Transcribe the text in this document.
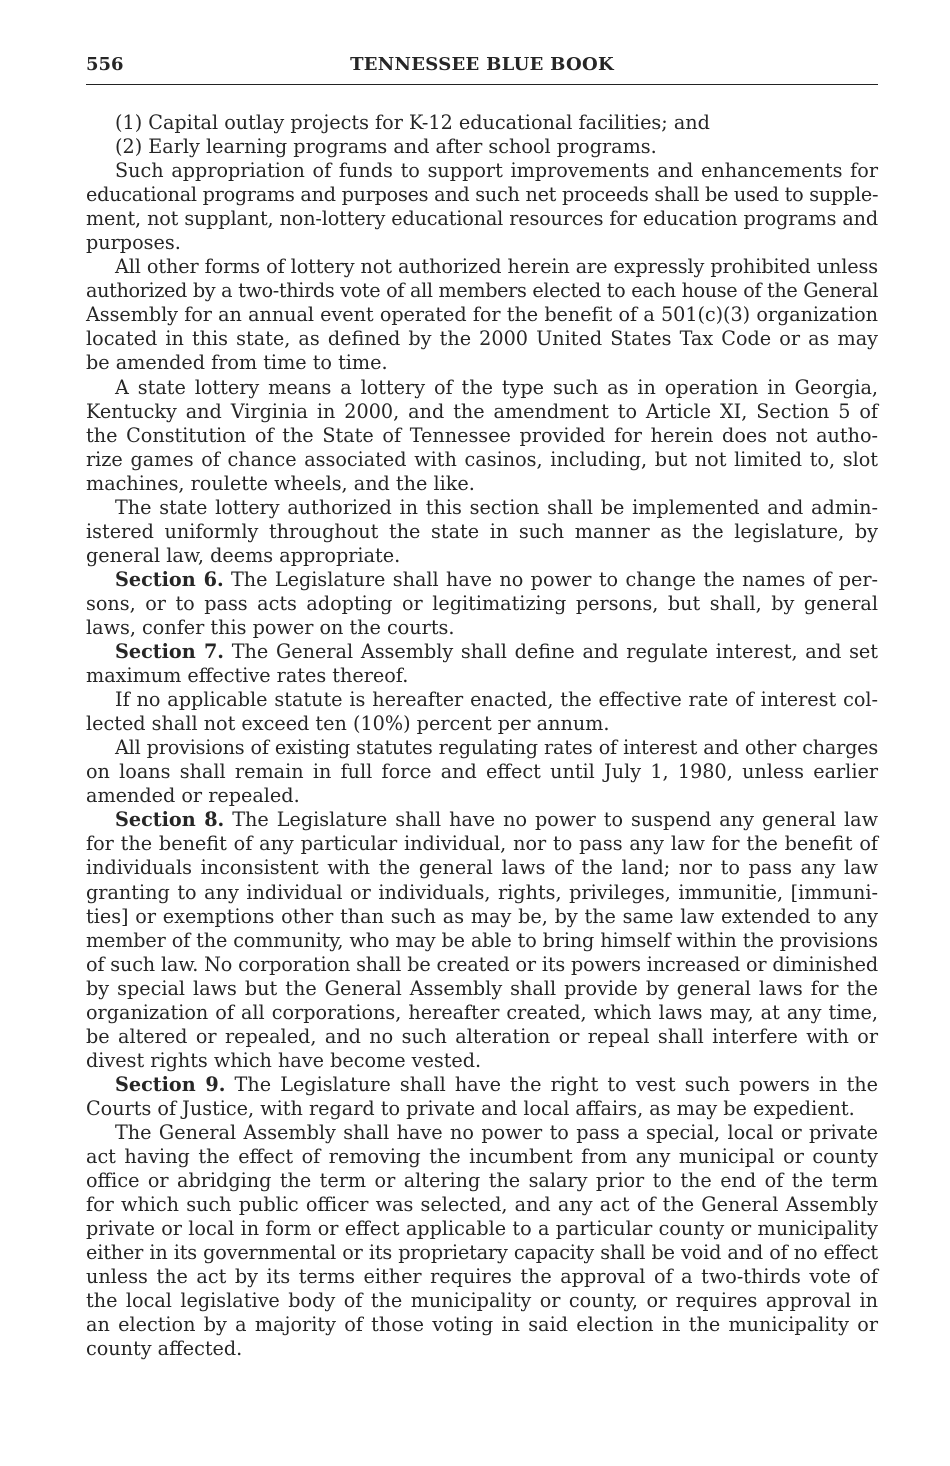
TENNESSEE BLUE BOOK
556
(1) Capital outlay projects for K-12 educational facilities; and
(2) Early learning programs and after school programs.
Such appropriation of funds to support improvements and enhancements for
educational programs and purposes and such net proceeds shall be used to supple-
ment, not supplant, non-lottery educational resources for education programs and
purposes.
All other forms of lottery not authorized herein are expressly prohibited unless
authorized by a two-thirds vote of all members elected to each house of the General
Assembly for an annual event operated for the benefit of a 501(c)(3) organization
located in this state, as defined by the 2000 United States Tax Code or as may
be amended from time to time.
A state lottery means a lottery of the type such as in operation in Georgia,
Kentucky and Virginia in 2000, and the amendment to Article XI, Section 5 of
the Constitution of the State of Tennessee provided for herein does not autho-
rize games of chance associated with casinos, including, but not limited to, slot
machines, roulette wheels, and the like.
The state lottery authorized in this section shall be implemented and admin-
istered uniformly throughout the state in such manner as the legislature, by
general law, deems appropriate.
Section 6. The Legislature shall have no power to change the names of per-
sons, or to pass acts adopting or legitimatizing persons, but shall, by general
laws, confer this power on the courts.
Section 7. The General Assembly shall define and regulate interest, and set
maximum effective rates thereof.
If no applicable statute is hereafter enacted, the effective rate of interest col-
lected shall not exceed ten (10%) percent per annum.
All provisions of existing statutes regulating rates of interest and other charges
on loans shall remain in full force and effect until July 1, 1980, unless earlier
amended or repealed.
Section 8. The Legislature shall have no power to suspend any general law
for the benefit of any particular individual, nor to pass any law for the benefit of
individuals inconsistent with the general laws of the land; nor to pass any law
granting to any individual or individuals, rights, privileges, immunitie, [immuni-
ties] or exemptions other than such as may be, by the same law extended to any
member of the community, who may be able to bring himself within the provisions
of such law. No corporation shall be created or its powers increased or diminished
by special laws but the General Assembly shall provide by general laws for the
organization of all corporations, hereafter created, which laws may, at any time,
be altered or repealed, and no such alteration or repeal shall interfere with or
divest rights which have become vested.
Section 9. The Legislature shall have the right to vest such powers in the
Courts of Justice, with regard to private and local affairs, as may be expedient.
The General Assembly shall have no power to pass a special, local or private
act having the effect of removing the incumbent from any municipal or county
office or abridging the term or altering the salary prior to the end of the term
for which such public officer was selected, and any act of the General Assembly
private or local in form or effect applicable to a particular county or municipality
either in its governmental or its proprietary capacity shall be void and of no effect
unless the act by its terms either requires the approval of a two-thirds vote of
the local legislative body of the municipality or county, or requires approval in
an election by a majority of those voting in said election in the municipality or
county affected.
